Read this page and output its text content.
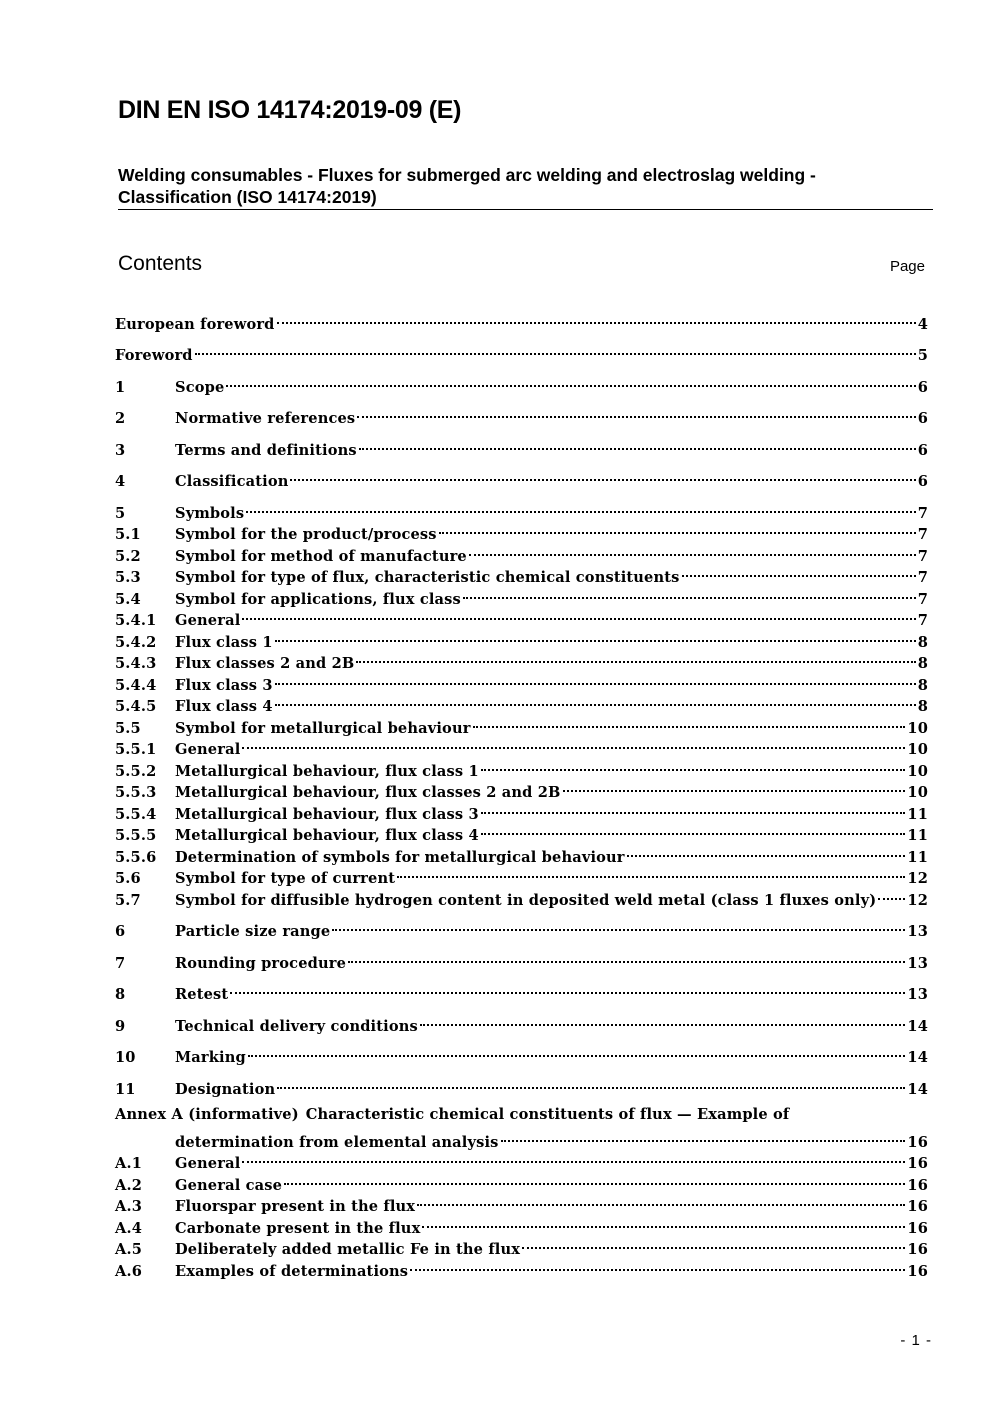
DIN EN ISO 14174:2019-09 (E)
Welding consumables - Fluxes for submerged arc welding and electroslag welding - Classification (ISO 14174:2019)
Contents	Page
European foreword	4
Foreword	5
1	Scope	6
2	Normative references	6
3	Terms and definitions	6
4	Classification	6
5	Symbols	7
5.1	Symbol for the product/process	7
5.2	Symbol for method of manufacture	7
5.3	Symbol for type of flux, characteristic chemical constituents	7
5.4	Symbol for applications, flux class	7
5.4.1	General	7
5.4.2	Flux class 1	8
5.4.3	Flux classes 2 and 2B	8
5.4.4	Flux class 3	8
5.4.5	Flux class 4	8
5.5	Symbol for metallurgical behaviour	10
5.5.1	General	10
5.5.2	Metallurgical behaviour, flux class 1	10
5.5.3	Metallurgical behaviour, flux classes 2 and 2B	10
5.5.4	Metallurgical behaviour, flux class 3	11
5.5.5	Metallurgical behaviour, flux class 4	11
5.5.6	Determination of symbols for metallurgical behaviour	11
5.6	Symbol for type of current	12
5.7	Symbol for diffusible hydrogen content in deposited weld metal (class 1 fluxes only) 12
6	Particle size range	13
7	Rounding procedure	13
8	Retest	13
9	Technical delivery conditions	14
10	Marking	14
11	Designation	14
Annex A (informative) Characteristic chemical constituents of flux — Example of
determination from elemental analysis	16
A.1	General	16
A.2	General case	16
A.3	Fluorspar present in the flux	16
A.4	Carbonate present in the flux	16
A.5	Deliberately added metallic Fe in the flux	16
A.6	Examples of determinations	16
- 1 -
